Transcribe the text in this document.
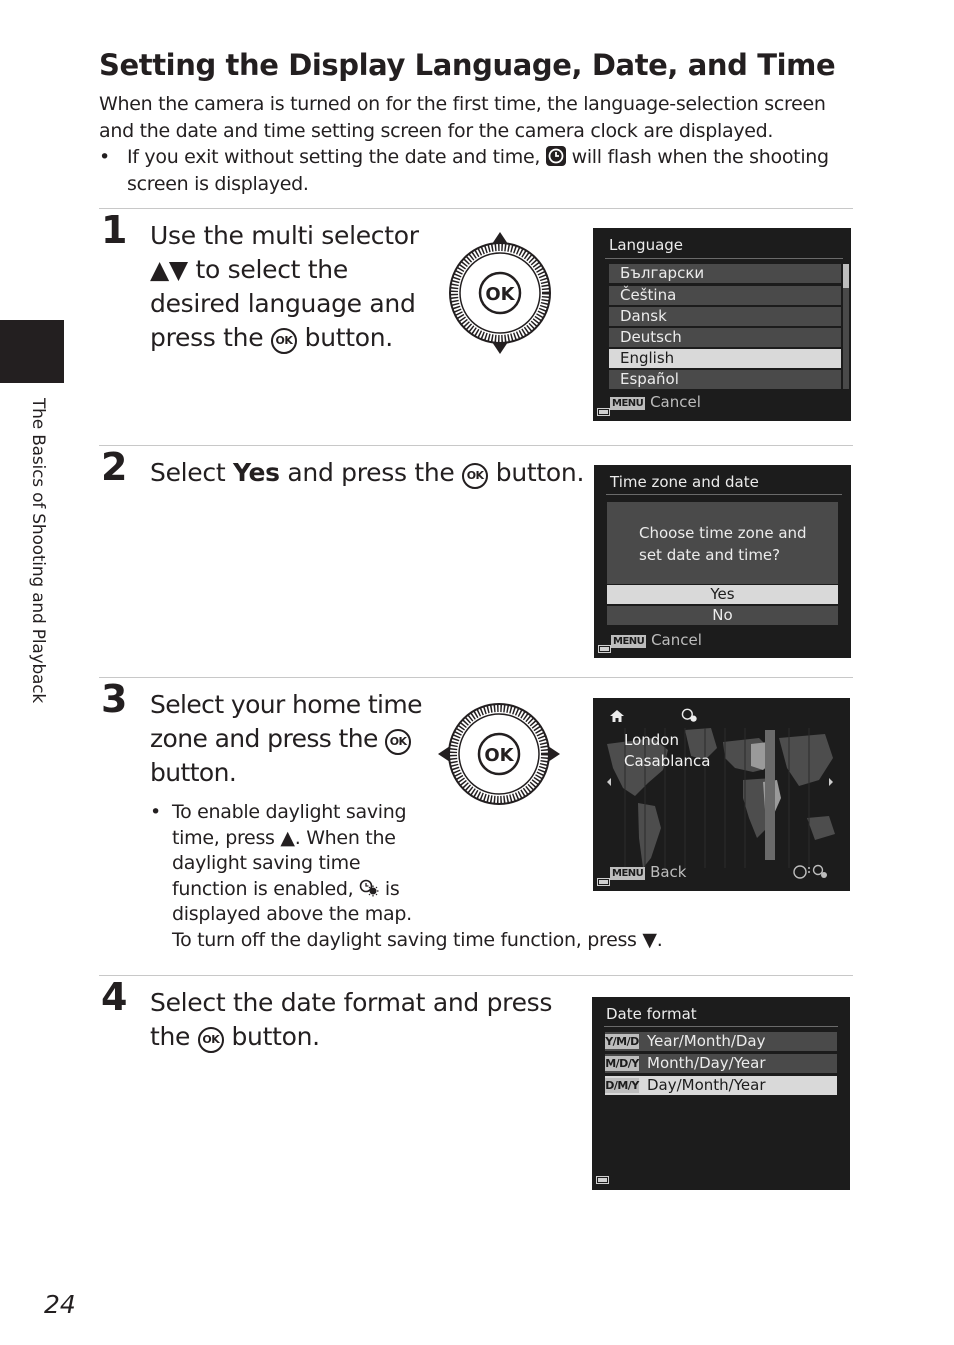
Setting the Display Language, Date, and Time
When the camera is turned on for the first time, the language-selection screen
and the date and time setting screen for the camera clock are displayed.
• If you exit without setting the date and time, will flash when the shooting
screen is displayed.
The Basics of Shooting and Playback
1 Use the multi selector
▲▼ to select the
desired language and
press the OK button.
OK
Language
Български
Čeština
Dansk
Deutsch
English
Español
MENU Cancel
2 Select Yes and press the OK button. Time zone and date
Choose time zone and
set date and time?
Yes
No
MENU Cancel
3 Select your home time
zone and press the OK
button.
• To enable daylight saving
time, press ▲. When the
daylight saving time
function is enabled, is
displayed above the map.
To turn off the daylight saving time function, press ▼.
OK
London
Casablanca
MENU Back
4 Select the date format and press
the OK button.
Date format
Y/M/D Year/Month/Day
M/D/Y Month/Day/Year
D/M/Y Day/Month/Year
24
